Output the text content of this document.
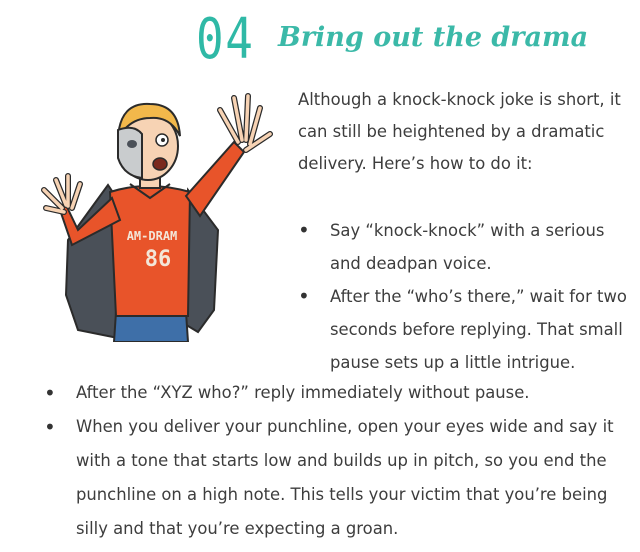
04 Bring out the drama
AM-DRAM
86
Although a knock-knock joke is short, it can still be heightened by a dramatic delivery. Here’s how to do it:
• Say “knock-knock” with a serious and deadpan voice.
• After the “who’s there,” wait for two seconds before replying. That small pause sets up a little intrigue.
• After the “XYZ who?” reply immediately without pause.
• When you deliver your punchline, open your eyes wide and say it with a tone that starts low and builds up in pitch, so you end the punchline on a high note. This tells your victim that you’re being silly and that you’re expecting a groan.
